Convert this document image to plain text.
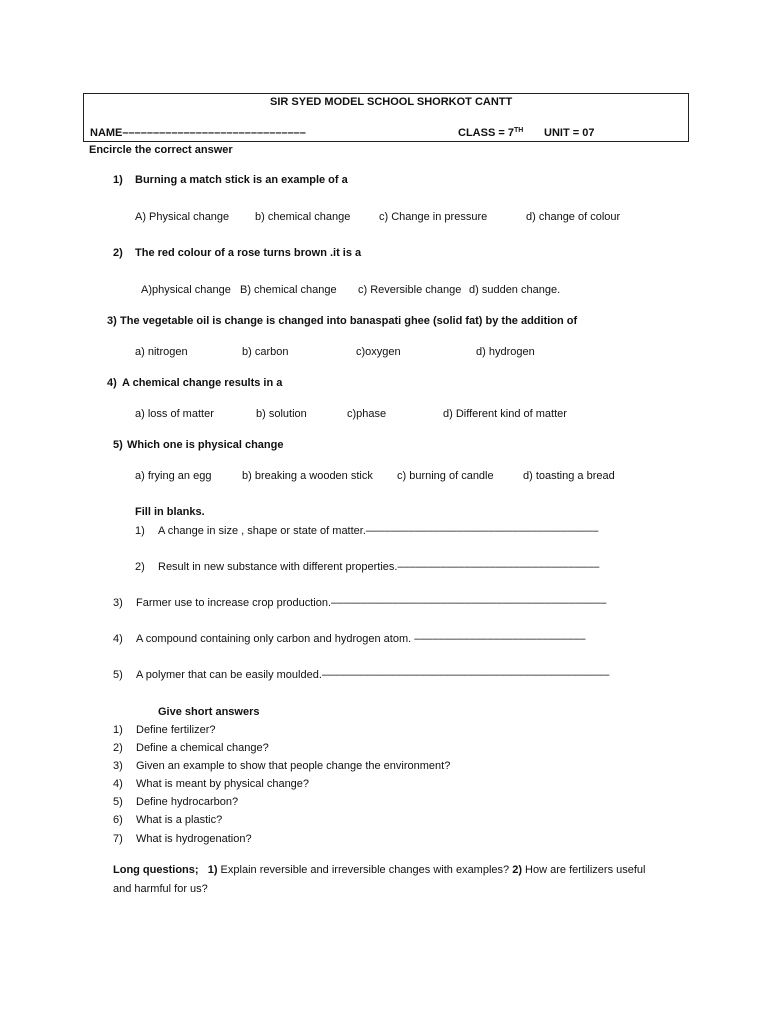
SIR SYED MODEL SCHOOL SHORKOT CANTT
NAME––––––––––––––––––––––––––––––	CLASS = 7TH UNIT = 07
Encircle the correct answer
1) Burning a match stick is an example of a
A) Physical change b) chemical change	c) Change in pressure	d) change of colour
2) The red colour of a rose turns brown .it is a
A)physical change B) chemical change c) Reversible change d) sudden change.
3) The vegetable oil is change is changed into banaspati ghee (solid fat) by the addition of
a) nitrogen	b) carbon	c)oxygen	d) hydrogen
4) A chemical change results in a
a) loss of matter	b) solution	c)phase	d) Different kind of matter
5) Which one is physical change
a) frying an egg	b) breaking a wooden stick c) burning of candle	d) toasting a bread
Fill in blanks.
1) A change in size , shape or state of matter.––––––––––––––––––––––––––––––––––––––
2) Result in new substance with different properties.–––––––––––––––––––––––––––––––––
3) Farmer use to increase crop production.–––––––––––––––––––––––––––––––––––––––––––––
4) A compound containing only carbon and hydrogen atom. ––––––––––––––––––––––––––––
5) A polymer that can be easily moulded.–––––––––––––––––––––––––––––––––––––––––––––––
Give short answers
1) Define fertilizer?
2) Define a chemical change?
3) Given an example to show that people change the environment?
4) What is meant by physical change?
5) Define hydrocarbon?
6) What is a plastic?
7) What is hydrogenation?
Long questions; 1) Explain reversible and irreversible changes with examples? 2) How are fertilizers useful
and harmful for us?
